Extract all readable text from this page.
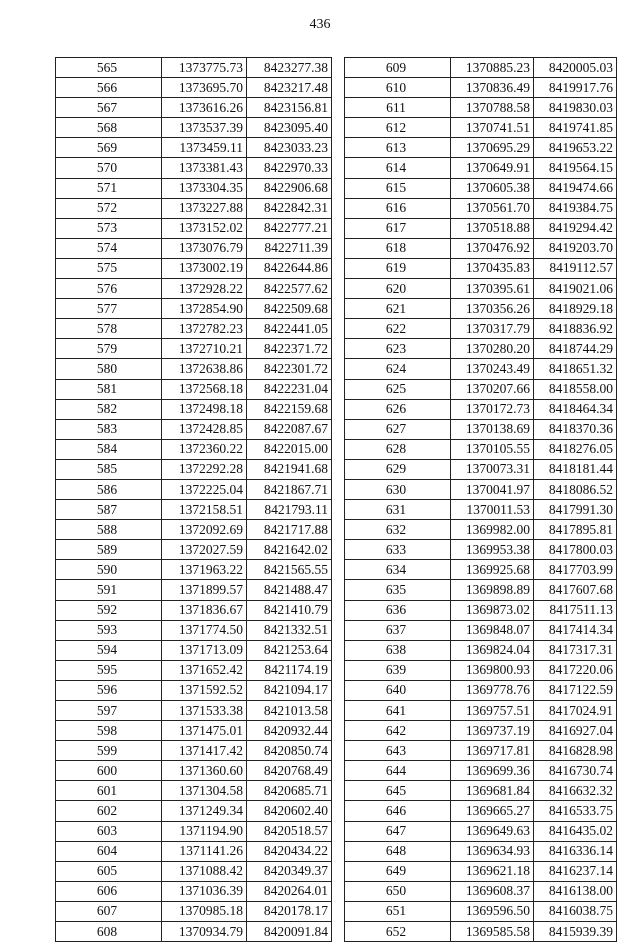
436
565	1373775.73	8423277.38
566	1373695.70	8423217.48
567	1373616.26	8423156.81
568	1373537.39	8423095.40
569	1373459.11	8423033.23
570	1373381.43	8422970.33
571	1373304.35	8422906.68
572	1373227.88	8422842.31
573	1373152.02	8422777.21
574	1373076.79	8422711.39
575	1373002.19	8422644.86
576	1372928.22	8422577.62
577	1372854.90	8422509.68
578	1372782.23	8422441.05
579	1372710.21	8422371.72
580	1372638.86	8422301.72
581	1372568.18	8422231.04
582	1372498.18	8422159.68
583	1372428.85	8422087.67
584	1372360.22	8422015.00
585	1372292.28	8421941.68
586	1372225.04	8421867.71
587	1372158.51	8421793.11
588	1372092.69	8421717.88
589	1372027.59	8421642.02
590	1371963.22	8421565.55
591	1371899.57	8421488.47
592	1371836.67	8421410.79
593	1371774.50	8421332.51
594	1371713.09	8421253.64
595	1371652.42	8421174.19
596	1371592.52	8421094.17
597	1371533.38	8421013.58
598	1371475.01	8420932.44
599	1371417.42	8420850.74
600	1371360.60	8420768.49
601	1371304.58	8420685.71
602	1371249.34	8420602.40
603	1371194.90	8420518.57
604	1371141.26	8420434.22
605	1371088.42	8420349.37
606	1371036.39	8420264.01
607	1370985.18	8420178.17
608	1370934.79	8420091.84
609	1370885.23	8420005.03
610	1370836.49	8419917.76
611	1370788.58	8419830.03
612	1370741.51	8419741.85
613	1370695.29	8419653.22
614	1370649.91	8419564.15
615	1370605.38	8419474.66
616	1370561.70	8419384.75
617	1370518.88	8419294.42
618	1370476.92	8419203.70
619	1370435.83	8419112.57
620	1370395.61	8419021.06
621	1370356.26	8418929.18
622	1370317.79	8418836.92
623	1370280.20	8418744.29
624	1370243.49	8418651.32
625	1370207.66	8418558.00
626	1370172.73	8418464.34
627	1370138.69	8418370.36
628	1370105.55	8418276.05
629	1370073.31	8418181.44
630	1370041.97	8418086.52
631	1370011.53	8417991.30
632	1369982.00	8417895.81
633	1369953.38	8417800.03
634	1369925.68	8417703.99
635	1369898.89	8417607.68
636	1369873.02	8417511.13
637	1369848.07	8417414.34
638	1369824.04	8417317.31
639	1369800.93	8417220.06
640	1369778.76	8417122.59
641	1369757.51	8417024.91
642	1369737.19	8416927.04
643	1369717.81	8416828.98
644	1369699.36	8416730.74
645	1369681.84	8416632.32
646	1369665.27	8416533.75
647	1369649.63	8416435.02
648	1369634.93	8416336.14
649	1369621.18	8416237.14
650	1369608.37	8416138.00
651	1369596.50	8416038.75
652	1369585.58	8415939.39
